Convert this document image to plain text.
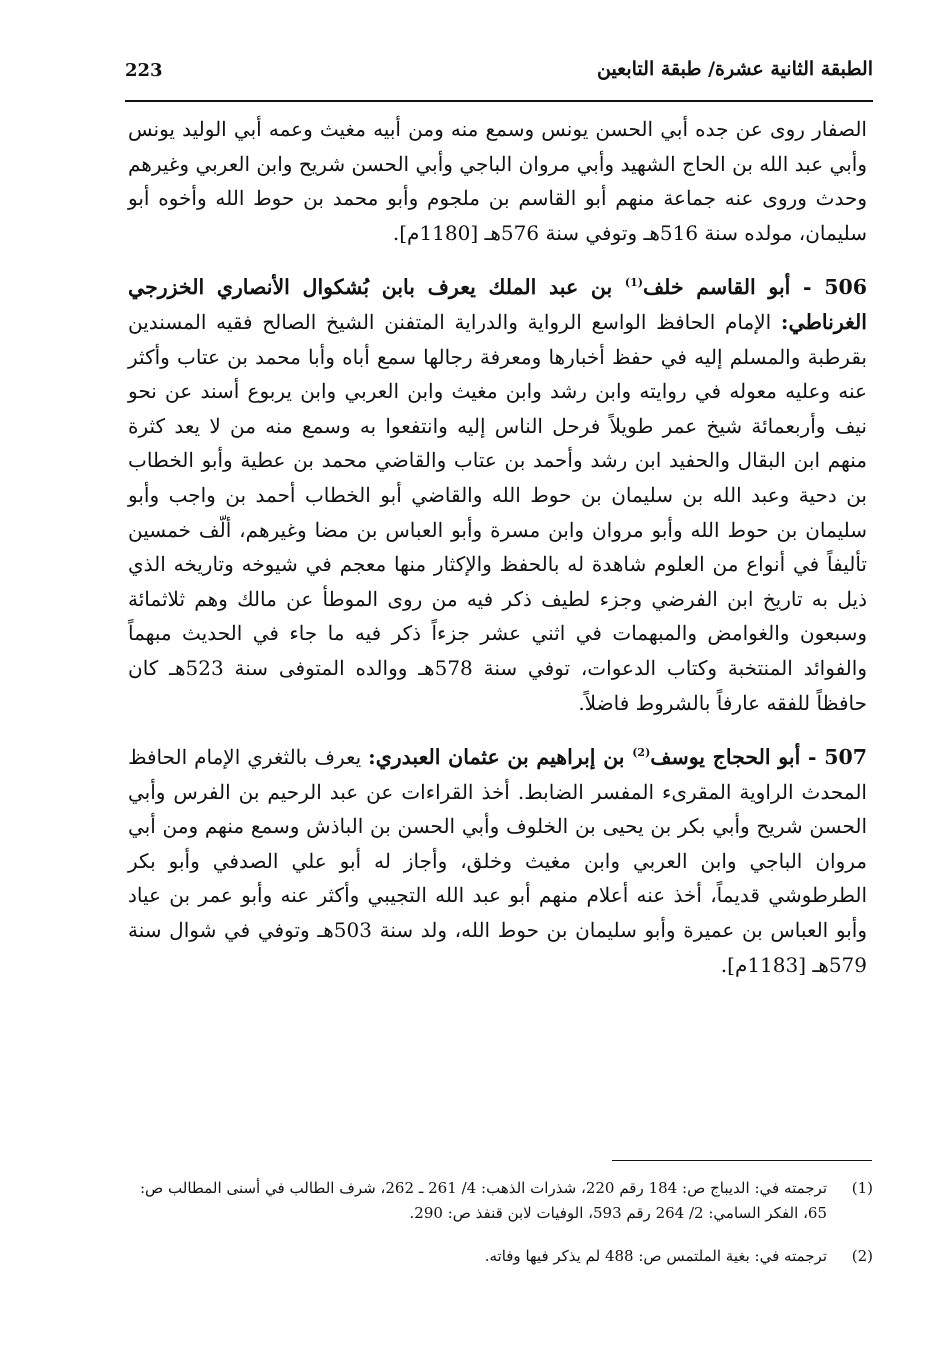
الطبقة الثانية عشرة/ طبقة التابعين
223

الصفار روى عن جده أبي الحسن يونس وسمع منه ومن أبيه مغيث وعمه أبي الوليد يونس وأبي عبد الله بن الحاج الشهيد وأبي مروان الباجي وأبي الحسن شريح وابن العربي وغيرهم وحدث وروى عنه جماعة منهم أبو القاسم بن ملجوم وأبو محمد بن حوط الله وأخوه أبو سليمان، مولده سنة 516هـ وتوفي سنة 576هـ [1180م].

506 - أبو القاسم خلف$^{(1)}$ بن عبد الملك يعرف بابن بُشكوال الأنصاري الخزرجي الغرناطي: الإمام الحافظ الواسع الرواية والدراية المتفنن الشيخ الصالح فقيه المسندين بقرطبة والمسلم إليه في حفظ أخبارها ومعرفة رجالها سمع أباه وأبا محمد بن عتاب وأكثر عنه وعليه معوله في روايته وابن رشد وابن مغيث وابن العربي وابن يربوع أسند عن نحو نيف وأربعمائة شيخ عمر طويلاً فرحل الناس إليه وانتفعوا به وسمع منه من لا يعد كثرة منهم ابن البقال والحفيد ابن رشد وأحمد بن عتاب والقاضي محمد بن عطية وأبو الخطاب بن دحية وعبد الله بن سليمان بن حوط الله والقاضي أبو الخطاب أحمد بن واجب وأبو سليمان بن حوط الله وأبو مروان وابن مسرة وأبو العباس بن مضا وغيرهم، ألّف خمسين تأليفاً في أنواع من العلوم شاهدة له بالحفظ والإكثار منها معجم في شيوخه وتاريخه الذي ذيل به تاريخ ابن الفرضي وجزء لطيف ذكر فيه من روى الموطأ عن مالك وهم ثلاثمائة وسبعون والغوامض والمبهمات في اثني عشر جزءاً ذكر فيه ما جاء في الحديث مبهماً والفوائد المنتخبة وكتاب الدعوات، توفي سنة 578هـ ووالده المتوفى سنة 523هـ كان حافظاً للفقه عارفاً بالشروط فاضلاً.

507 - أبو الحجاج يوسف$^{(2)}$ بن إبراهيم بن عثمان العبدري: يعرف بالثغري الإمام الحافظ المحدث الراوية المقرىء المفسر الضابط. أخذ القراءات عن عبد الرحيم بن الفرس وأبي الحسن شريح وأبي بكر بن يحيى بن الخلوف وأبي الحسن بن الباذش وسمع منهم ومن أبي مروان الباجي وابن العربي وابن مغيث وخلق، وأجاز له أبو علي الصدفي وأبو بكر الطرطوشي قديماً، أخذ عنه أعلام منهم أبو عبد الله التجيبي وأكثر عنه وأبو عمر بن عياد وأبو العباس بن عميرة وأبو سليمان بن حوط الله، ولد سنة 503هـ وتوفي في شوال سنة 579هـ [1183م].

(1)
ترجمته في: الديباج ص: 184 رقم 220، شذرات الذهب: 4/ 261 ـ 262، شرف الطالب في أسنى المطالب ص: 65، الفكر السامي: 2/ 264 رقم 593، الوفيات لابن قنفذ ص: 290.
(2)
ترجمته في: بغية الملتمس ص: 488 لم يذكر فيها وفاته.
